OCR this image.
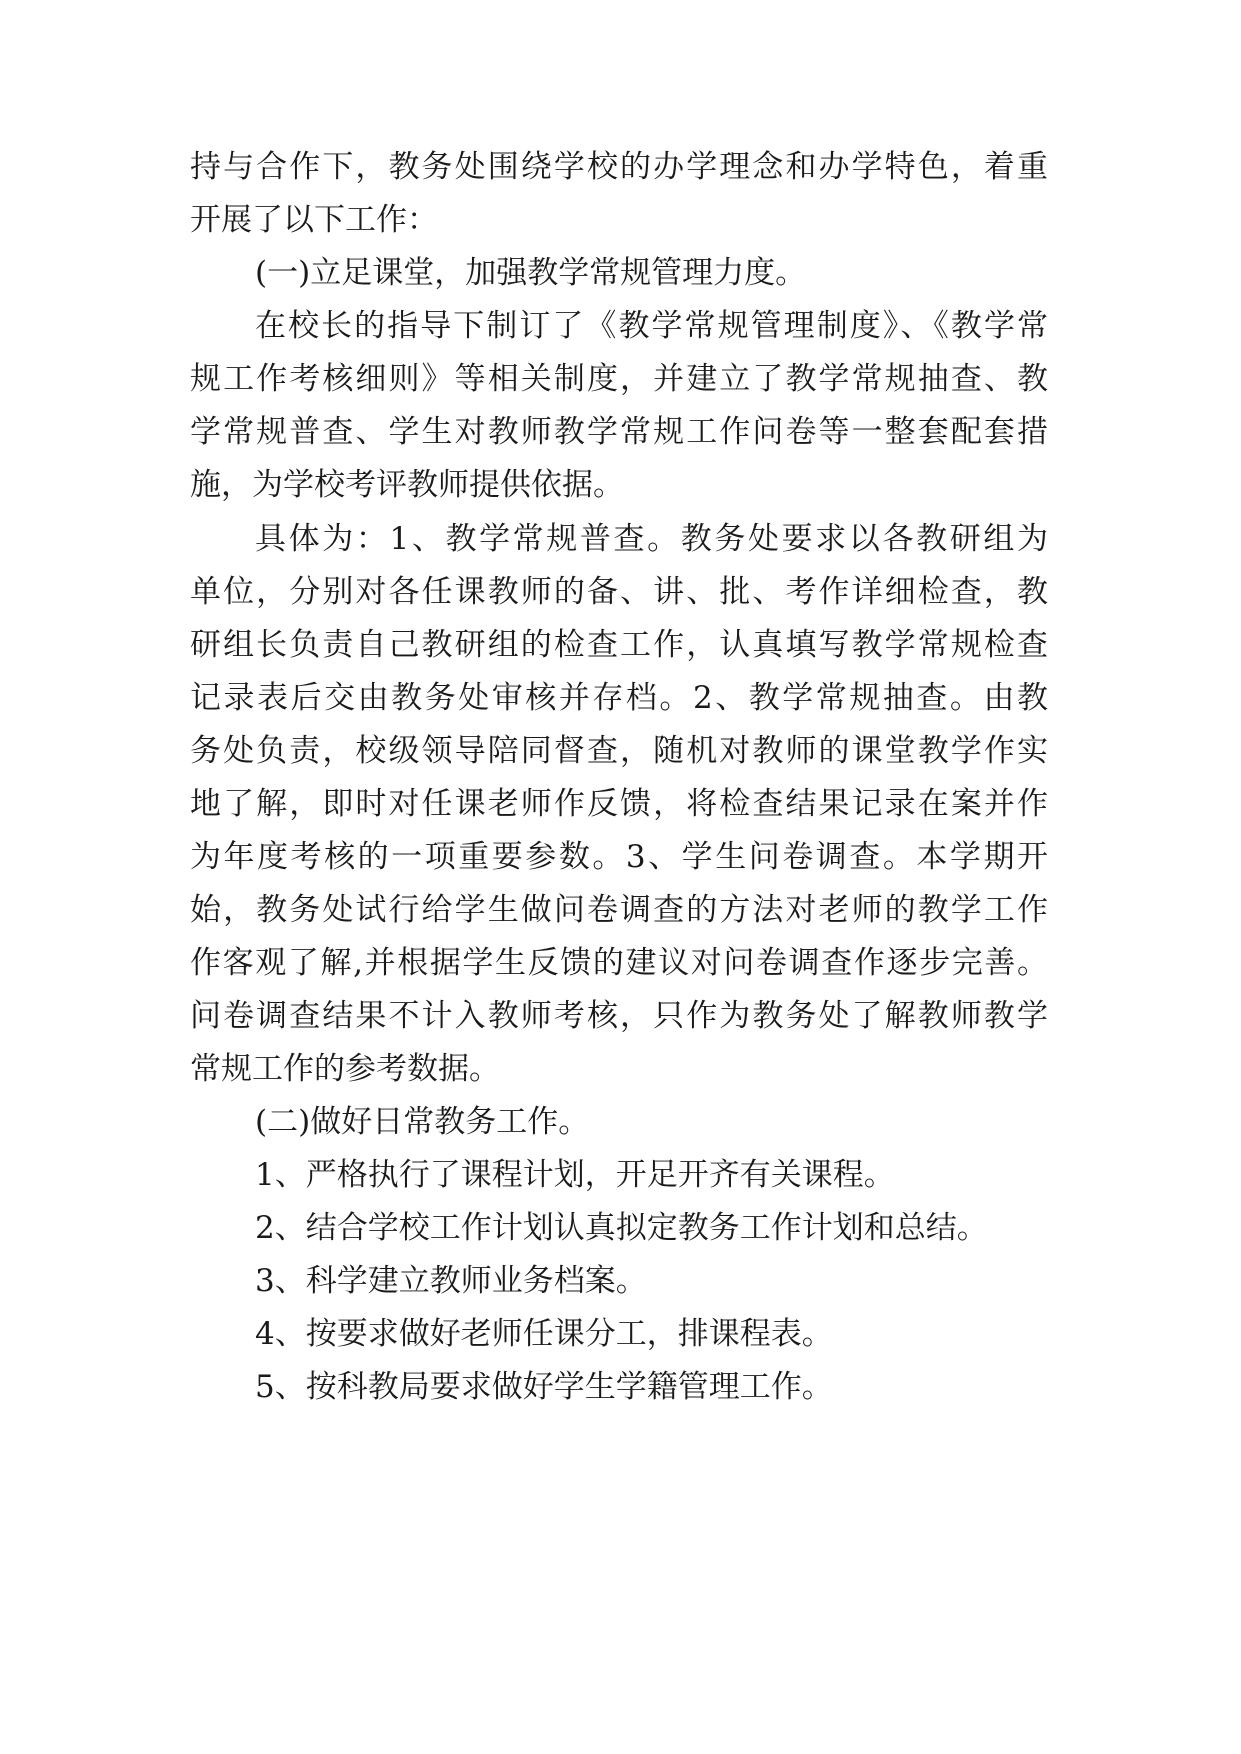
持与合作下，教务处围绕学校的办学理念和办学特色，着重
开展了以下工作：
(一)立足课堂，加强教学常规管理力度。
在校长的指导下制订了《教学常规管理制度》、《教学常
规工作考核细则》等相关制度，并建立了教学常规抽查、教
学常规普查、学生对教师教学常规工作问卷等一整套配套措
施，为学校考评教师提供依据。
具体为：1、教学常规普查。教务处要求以各教研组为
单位，分别对各任课教师的备、讲、批、考作详细检查，教
研组长负责自己教研组的检查工作，认真填写教学常规检查
记录表后交由教务处审核并存档。2、教学常规抽查。由教
务处负责，校级领导陪同督查，随机对教师的课堂教学作实
地了解，即时对任课老师作反馈，将检查结果记录在案并作
为年度考核的一项重要参数。3、学生问卷调查。本学期开
始，教务处试行给学生做问卷调查的方法对老师的教学工作
作客观了解,并根据学生反馈的建议对问卷调查作逐步完善。
问卷调查结果不计入教师考核，只作为教务处了解教师教学
常规工作的参考数据。
(二)做好日常教务工作。
1、严格执行了课程计划，开足开齐有关课程。
2、结合学校工作计划认真拟定教务工作计划和总结。
3、科学建立教师业务档案。
4、按要求做好老师任课分工，排课程表。
5、按科教局要求做好学生学籍管理工作。
